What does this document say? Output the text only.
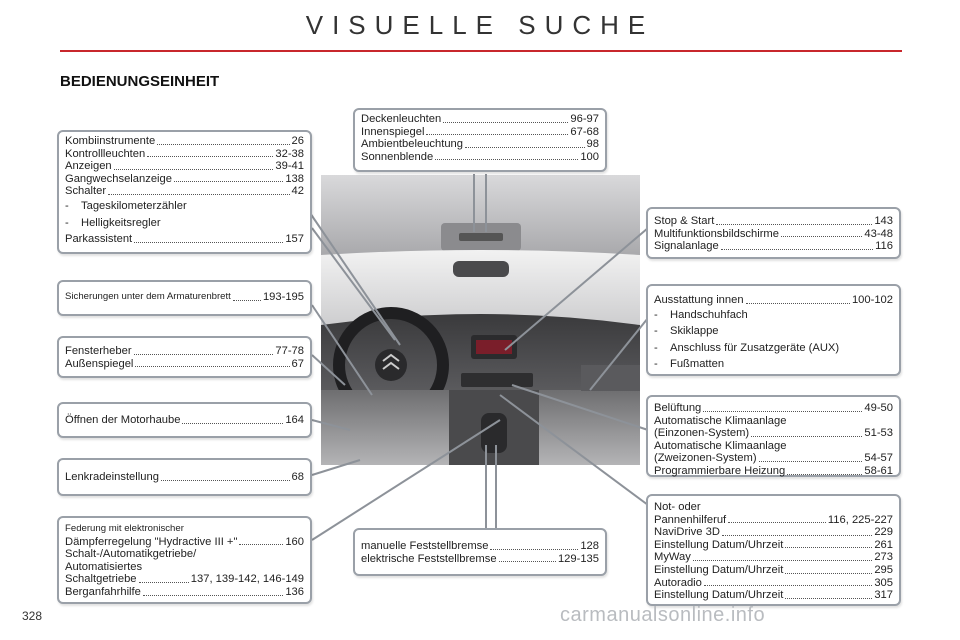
VISUELLE SUCHE
BEDIENUNGSEINHEIT
Deckenleuchten	96-97
Innenspiegel	67-68
Ambientbeleuchtung	98
Sonnenblende	100
Kombiinstrumente	26
Kontrollleuchten	32-38
Anzeigen	39-41
Gangwechselanzeige	138
Schalter	42
-	Tageskilometerzähler
-	Helligkeitsregler
Parkassistent	157
Sicherungen unter dem Armaturenbrett	193-195
Fensterheber	77-78
Außenspiegel	67
Öffnen der Motorhaube	164
Lenkradeinstellung	68
Federung mit elektronischer
Dämpferregelung "Hydractive III +"	160
Schalt-/Automatikgetriebe/
Automatisiertes
Schaltgetriebe	137, 139-142, 146-149
Berganfahrhilfe	136
manuelle Feststellbremse	128
elektrische Feststellbremse	129-135
Stop & Start	143
Multifunktionsbildschirme	43-48
Signalanlage	116
Ausstattung innen	100-102
-	Handschuhfach
-	Skiklappe
-	Anschluss für Zusatzgeräte (AUX)
-	Fußmatten
Belüftung	49-50
Automatische Klimaanlage
(Einzonen-System)	51-53
Automatische Klimaanlage
(Zweizonen-System)	54-57
Programmierbare Heizung	58-61
Not- oder
Pannenhilferuf	116, 225-227
NaviDrive 3D	229
Einstellung Datum/Uhrzeit	261
MyWay	273
Einstellung Datum/Uhrzeit	295
Autoradio	305
Einstellung Datum/Uhrzeit	317
328	carmanualsonline.info
